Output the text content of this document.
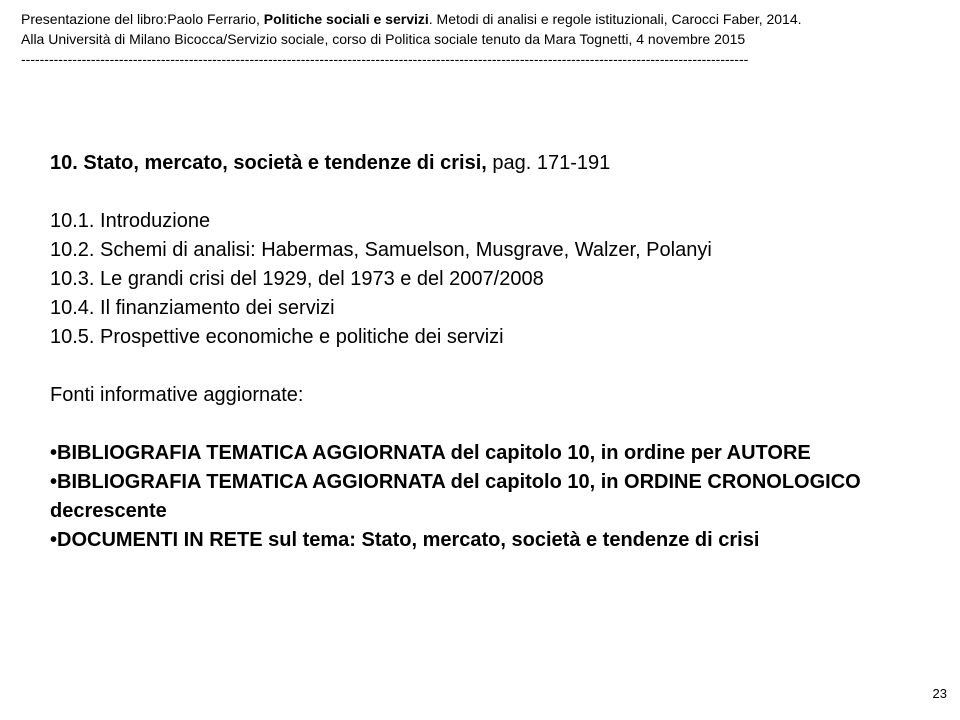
Presentazione del libro:Paolo Ferrario, Politiche sociali e servizi. Metodi di analisi e regole istituzionali, Carocci Faber, 2014.
Alla Università di Milano Bicocca/Servizio sociale, corso di Politica sociale tenuto da Mara Tognetti, 4 novembre 2015
------------------------------------------------------------------------------------------------------------------------------------------------------------

10. Stato, mercato, società e tendenze di crisi, pag. 171-191

10.1. Introduzione

10.2. Schemi di analisi: Habermas, Samuelson, Musgrave, Walzer, Polanyi

10.3. Le grandi crisi del 1929, del 1973 e del 2007/2008

10.4. Il finanziamento dei servizi

10.5. Prospettive economiche e politiche dei servizi

Fonti informative aggiornate:

•BIBLIOGRAFIA TEMATICA AGGIORNATA del capitolo 10, in ordine per AUTORE

•BIBLIOGRAFIA TEMATICA AGGIORNATA del capitolo 10, in ORDINE CRONOLOGICO decrescente

•DOCUMENTI IN RETE sul tema: Stato, mercato, società e tendenze di crisi

23
